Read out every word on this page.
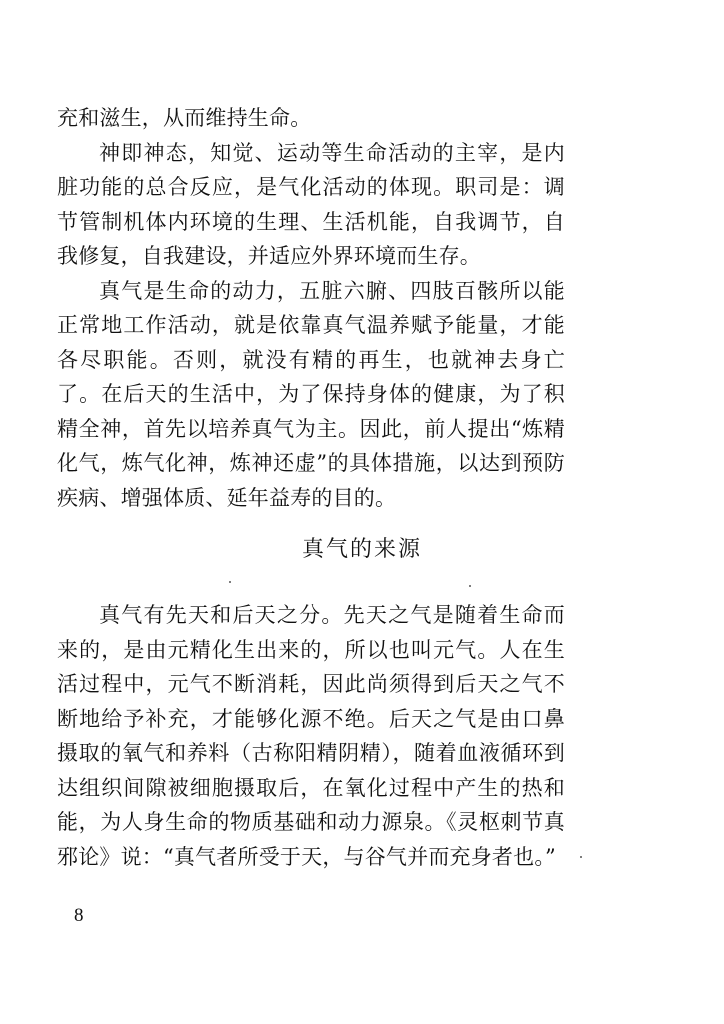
充和滋生，从而维持生命。

神即神态，知觉、运动等生命活动的主宰，是内脏功能的总合反应，是气化活动的体现。职司是：调节管制机体内环境的生理、生活机能，自我调节，自我修复，自我建设，并适应外界环境而生存。

真气是生命的动力，五脏六腑、四肢百骸所以能正常地工作活动，就是依靠真气温养赋予能量，才能各尽职能。否则，就没有精的再生，也就神去身亡了。在后天的生活中，为了保持身体的健康，为了积精全神，首先以培养真气为主。因此，前人提出“炼精化气，炼气化神，炼神还虚”的具体措施，以达到预防疾病、增强体质、延年益寿的目的。

真气的来源

真气有先天和后天之分。先天之气是随着生命而来的，是由元精化生出来的，所以也叫元气。人在生活过程中，元气不断消耗，因此尚须得到后天之气不断地给予补充，才能够化源不绝。后天之气是由口鼻摄取的氧气和养料（古称阳精阴精），随着血液循环到达组织间隙被细胞摄取后，在氧化过程中产生的热和能，为人身生命的物质基础和动力源泉。《灵枢刺节真邪论》说：“真气者所受于天，与谷气并而充身者也。”

8
